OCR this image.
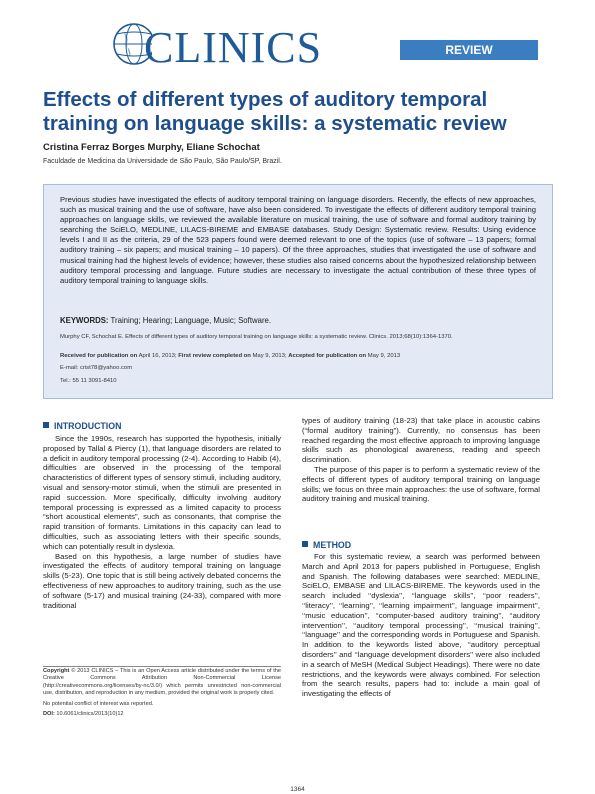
CLINICS	REVIEW
Effects of different types of auditory temporal training on language skills: a systematic review
Cristina Ferraz Borges Murphy, Eliane Schochat
Faculdade de Medicina da Universidade de São Paulo, São Paulo/SP, Brazil.
Previous studies have investigated the effects of auditory temporal training on language disorders. Recently, the effects of new approaches, such as musical training and the use of software, have also been considered. To investigate the effects of different auditory temporal training approaches on language skills, we reviewed the available literature on musical training, the use of software and formal auditory training by searching the SciELO, MEDLINE, LILACS-BIREME and EMBASE databases. Study Design: Systematic review. Results: Using evidence levels I and II as the criteria, 29 of the 523 papers found were deemed relevant to one of the topics (use of software – 13 papers; formal auditory training – six papers; and musical training – 10 papers). Of the three approaches, studies that investigated the use of software and musical training had the highest levels of evidence; however, these studies also raised concerns about the hypothesized relationship between auditory temporal processing and language. Future studies are necessary to investigate the actual contribution of these three types of auditory temporal training to language skills.
KEYWORDS: Training; Hearing; Language, Music; Software.
Murphy CF, Schochat E. Effects of different types of auditory temporal training on language skills: a systematic review. Clinics. 2013;68(10):1364-1370.
Received for publication on April 16, 2013; First review completed on May 9, 2013; Accepted for publication on May 9, 2013
E-mail: crist78@yahoo.com
Tel.: 55 11 3091-8410
INTRODUCTION

Since the 1990s, research has supported the hypothesis, initially proposed by Tallal & Piercy (1), that language disorders are related to a deficit in auditory temporal processing (2-4). According to Habib (4), difficulties are observed in the processing of the temporal characteristics of different types of sensory stimuli, including auditory, visual and sensory-motor stimuli, when the stimuli are presented in rapid succession. More specifically, difficulty involving auditory temporal processing is expressed as a limited capacity to process “short acoustical elements”, such as consonants, that comprise the rapid transition of formants. Limitations in this capacity can lead to difficulties, such as associating letters with their specific sounds, which can potentially result in dyslexia.

Based on this hypothesis, a large number of studies have investigated the effects of auditory temporal training on language skills (5-23). One topic that is still being actively debated concerns the effectiveness of new approaches to auditory training, such as the use of software (5-17) and musical training (24-33), compared with more traditional

Copyright © 2013 CLINICS – This is an Open Access article distributed under the terms of the Creative Commons Attribution Non-Commercial License (http://creativecommons.org/licenses/by-nc/3.0/) which permits unrestricted non-commercial use, distribution, and reproduction in any medium, provided the original work is properly cited.
No potential conflict of interest was reported.
DOI: 10.6061/clinics/2013(10)12

types of auditory training (18-23) that take place in acoustic cabins (“formal auditory training”). Currently, no consensus has been reached regarding the most effective approach to improving language skills such as phonological awareness, reading and speech discrimination.

The purpose of this paper is to perform a systematic review of the effects of different types of auditory temporal training on language skills; we focus on three main approaches: the use of software, formal auditory training and musical training.

METHOD

For this systematic review, a search was performed between March and April 2013 for papers published in Portuguese, English and Spanish. The following databases were searched: MEDLINE, SciELO, EMBASE and LILACS-BIREME. The keywords used in the search included ‘‘dyslexia’’, ‘‘language skills’’, ‘‘poor readers’’, ‘‘literacy’’, ‘‘learning’’, ‘‘learning impairment’’, language impairment’’, ‘‘music education’’, ‘‘computer-based auditory training’’, ‘‘auditory intervention’’, ‘‘auditory temporal processing’’, ‘‘musical training’’, ‘‘language’’ and the corresponding words in Portuguese and Spanish. In addition to the keywords listed above, ‘‘auditory perceptual disorders’’ and ‘‘language development disorders’’ were also included in a search of MeSH (Medical Subject Headings). There were no date restrictions, and the keywords were always combined. For selection from the search results, papers had to: include a main goal of investigating the effects of

1364
